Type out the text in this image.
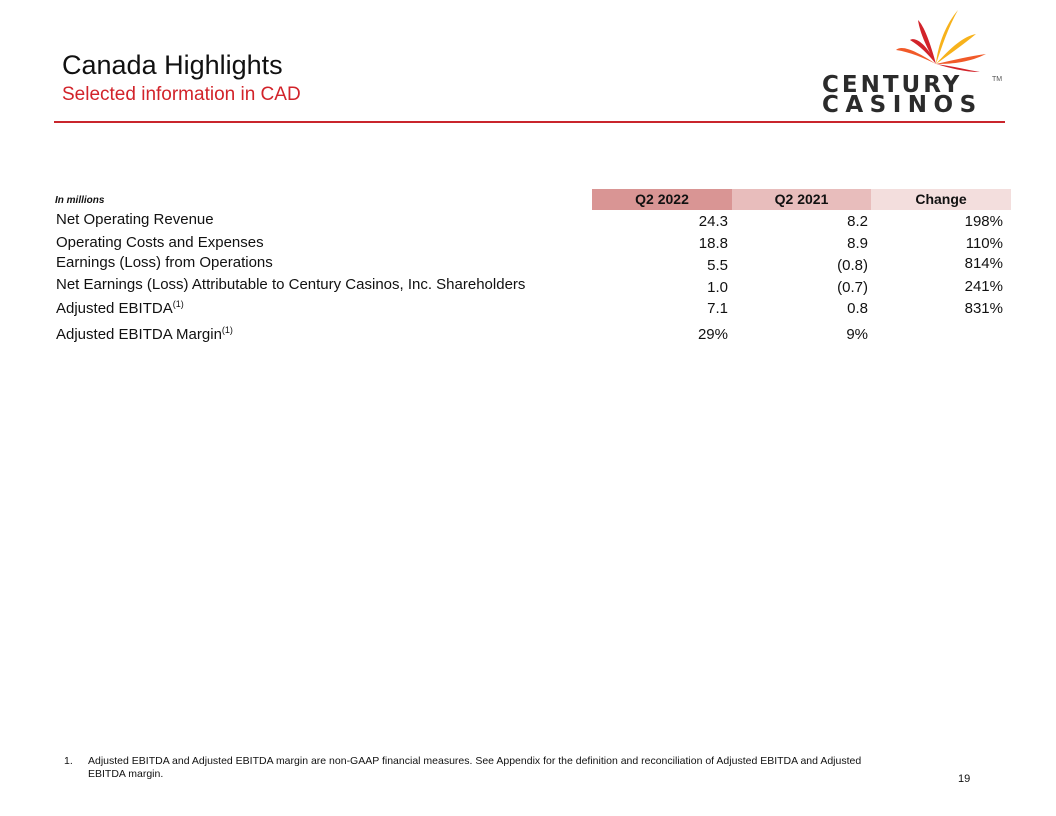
Canada Highlights
Selected information in CAD	CENTURY
CASINOS
TM
In millions	Q2 2022	Q2 2021	Change
Net Operating Revenue	24.3	8.2	198%
Operating Costs and Expenses	18.8	8.9	110%
Earnings (Loss) from Operations	5.5	(0.8)	814%
Net Earnings (Loss) Attributable to Century Casinos, Inc. Shareholders	1.0	(0.7)	241%
Adjusted EBITDA$^{(1)}$	7.1	0.8	831%
Adjusted EBITDA Margin$^{(1)}$	29%	9%
1. Adjusted EBITDA and Adjusted EBITDA margin are non-GAAP financial measures. See Appendix for the definition and reconciliation of Adjusted EBITDA and Adjusted EBITDA margin.	19
